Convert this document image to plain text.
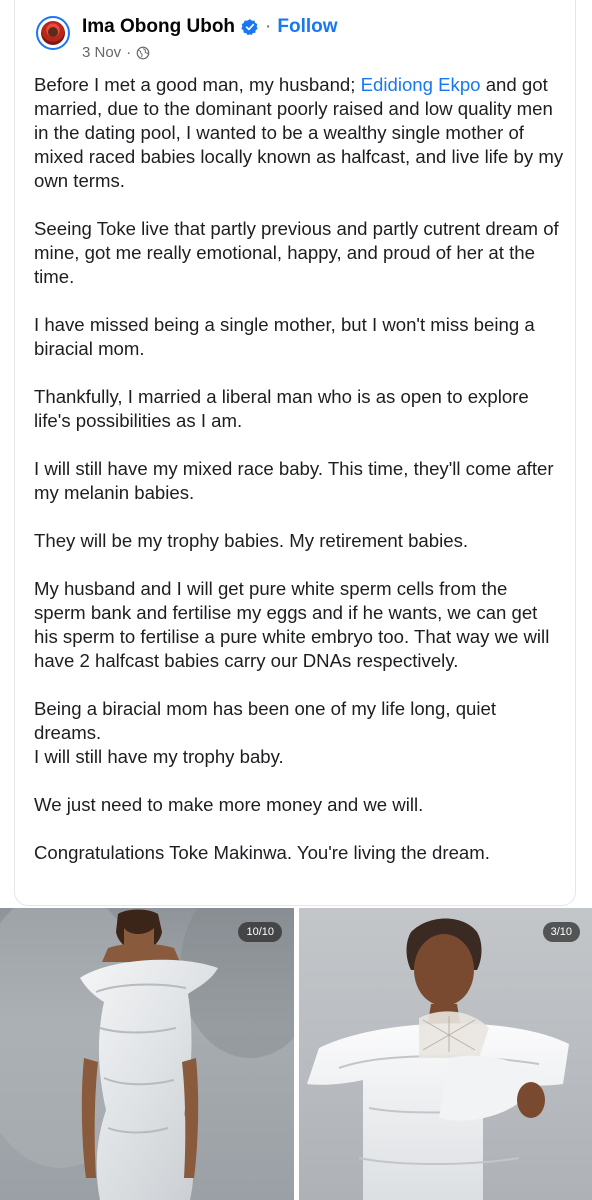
Ima Obong Uboh · Follow
3 Nov ·

Before I met a good man, my husband; Edidiong Ekpo and got married, due to the dominant poorly raised and low quality men in the dating pool, I wanted to be a wealthy single mother of mixed raced babies locally known as halfcast, and live life by my own terms.

Seeing Toke live that partly previous and partly cutrent dream of mine, got me really emotional, happy, and proud of her at the time.

I have missed being a single mother, but I won't miss being a biracial mom.

Thankfully, I married a liberal man who is as open to explore life's possibilities as I am.

I will still have my mixed race baby. This time, they'll come after my melanin babies.

They will be my trophy babies. My retirement babies.

My husband and I will get pure white sperm cells from the sperm bank and fertilise my eggs and if he wants, we can get his sperm to fertilise a pure white embryo too. That way we will have 2 halfcast babies carry our DNAs respectively.

Being a biracial mom has been one of my life long, quiet dreams.

I will still have my trophy baby.

We just need to make more money and we will.

Congratulations Toke Makinwa. You're living the dream.

10/10	3/10
